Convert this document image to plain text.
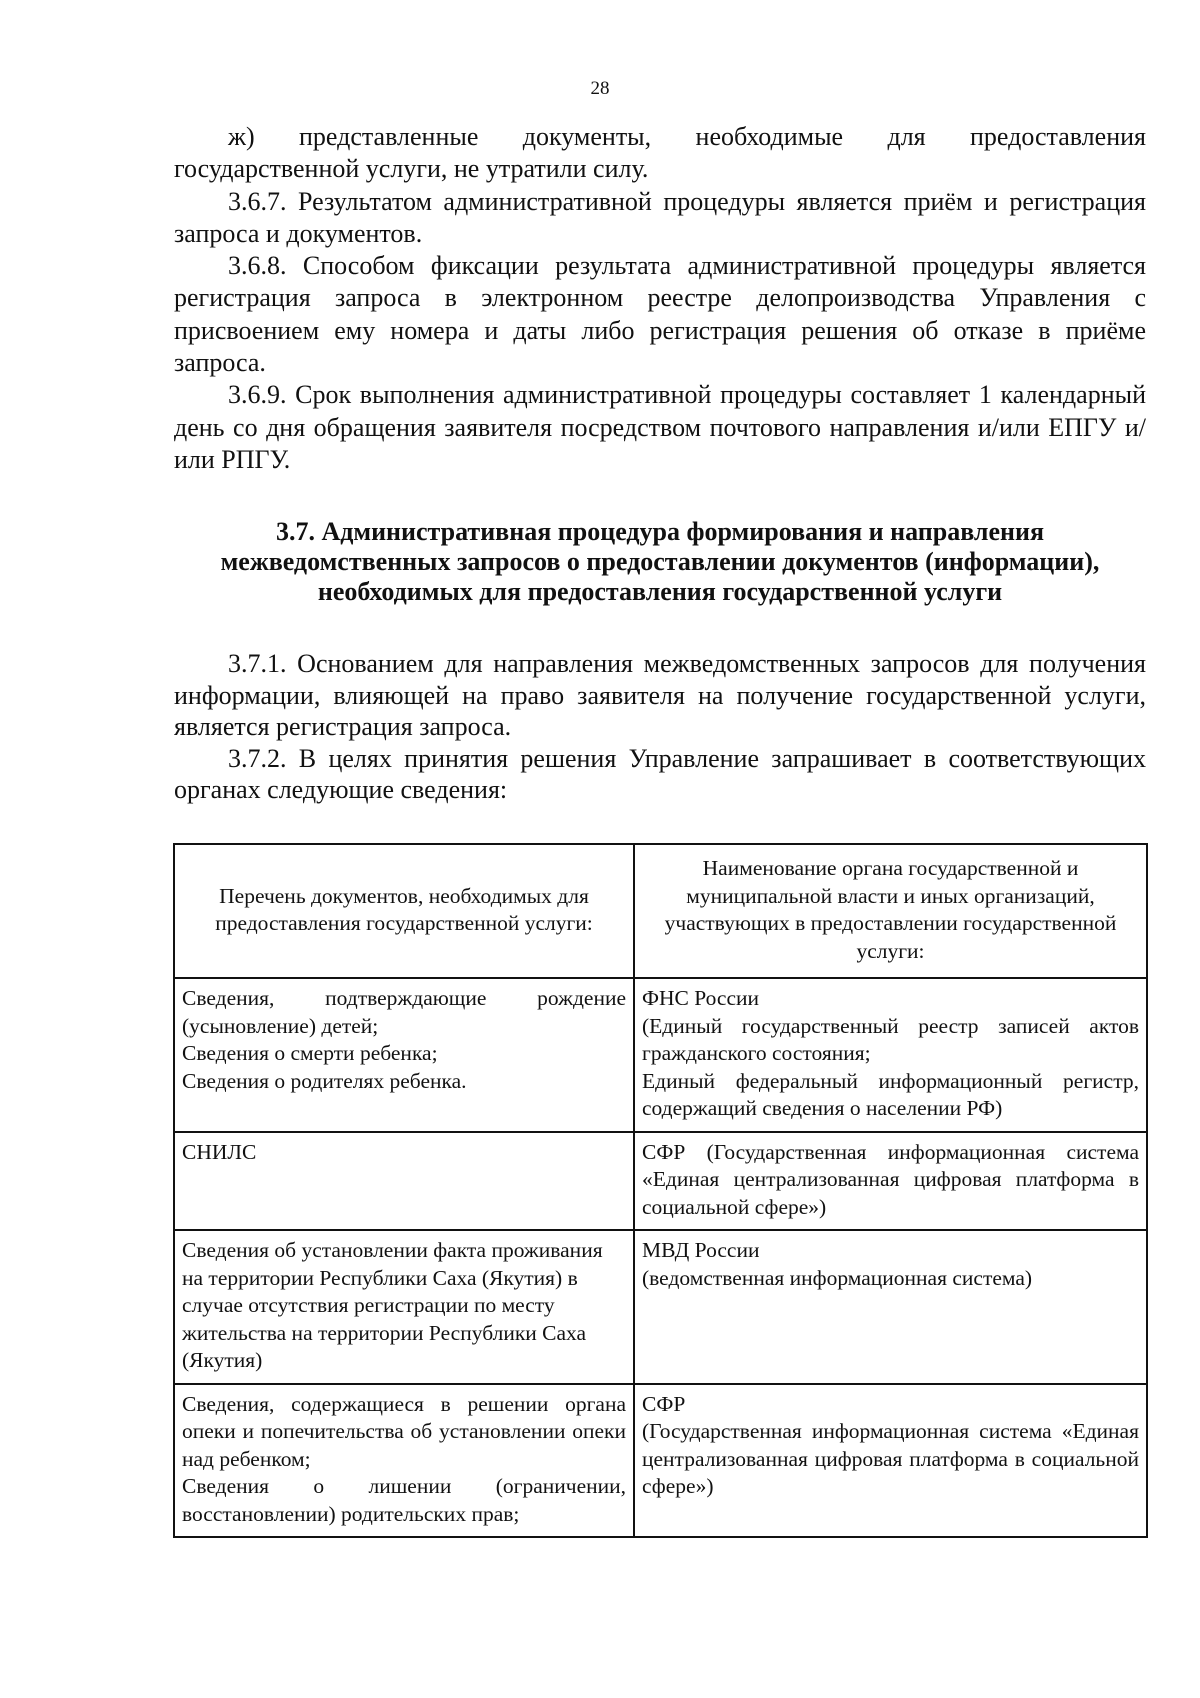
28

ж) представленные документы, необходимые для предоставления государственной услуги, не утратили силу.

3.6.7. Результатом административной процедуры является приём и регистрация запроса и документов.

3.6.8. Способом фиксации результата административной процедуры является регистрация запроса в электронном реестре делопроизводства Управления с присвоением ему номера и даты либо регистрация решения об отказе в приёме запроса.

3.6.9. Срок выполнения административной процедуры составляет 1 календарный день со дня обращения заявителя посредством почтового направления и/или ЕПГУ и/или РПГУ.

3.7. Административная процедура формирования и направления
межведомственных запросов о предоставлении документов (информации),
необходимых для предоставления государственной услуги

3.7.1. Основанием для направления межведомственных запросов для получения информации, влияющей на право заявителя на получение государственной услуги, является регистрация запроса.

3.7.2. В целях принятия решения Управление запрашивает в соответствующих органах следующие сведения:

Перечень документов, необходимых для предоставления государственной услуги:	Наименование органа государственной и муниципальной власти и иных организаций, участвующих в предоставлении государственной услуги:

Сведения, подтверждающие рождение (усыновление) детей;
Сведения о смерти ребенка;
Сведения о родителях ребенка.	ФНС России
(Единый государственный реестр записей актов гражданского состояния;
Единый федеральный информационный регистр, содержащий сведения о населении РФ)

СНИЛС	СФР (Государственная информационная система «Единая централизованная цифровая платформа в социальной сфере»)

Сведения об установлении факта проживания на территории Республики Саха (Якутия) в случае отсутствия регистрации по месту жительства на территории Республики Саха (Якутия)	МВД России
(ведомственная информационная система)

Сведения, содержащиеся в решении органа опеки и попечительства об установлении опеки над ребенком;
Сведения о лишении (ограничении, восстановлении) родительских прав;	СФР
(Государственная информационная система «Единая централизованная цифровая платформа в социальной сфере»)
